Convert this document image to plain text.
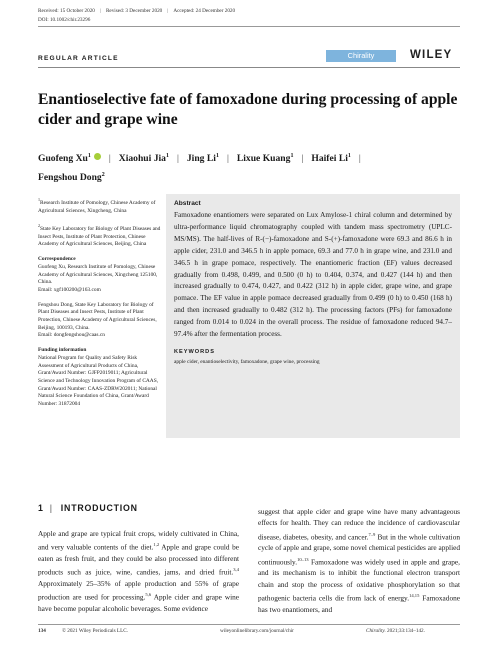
Received: 15 October 2020 | Revised: 3 December 2020 | Accepted: 24 December 2020
DOI: 10.1002/chir.23296
REGULAR ARTICLE	Chirality	WILEY
Enantioselective fate of famoxadone during processing of apple cider and grape wine
Guofeng Xu$^1$ | Xiaohui Jia$^1$ | Jing Li$^1$ | Lixue Kuang$^1$ | Haifei Li$^1$ |
Fengshou Dong$^2$
$^1$Research Institute of Pomology, Chinese Academy of Agricultural Sciences, Xingcheng, China
$^2$State Key Laboratory for Biology of Plant Diseases and Insect Pests, Institute of Plant Protection, Chinese Academy of Agricultural Sciences, Beijing, China
Correspondence
Guofeng Xu, Research Institute of Pomology, Chinese Academy of Agricultural Sciences, Xingcheng 125100, China.
Email: xgf100200@163.com
Fengshou Dong, State Key Laboratory for Biology of Plant Diseases and Insect Pests, Institute of Plant Protection, Chinese Academy of Agricultural Sciences, Beijing, 100193, China.
Email: dongfengshou@caas.cn
Funding information
National Program for Quality and Safety Risk Assessment of Agricultural Products of China, Grant/Award Number: GJFP2019011; Agricultural Science and Technology Innovation Program of CAAS, Grant/Award Number: CAAS-ZDRW202011; National Natural Science Foundation of China, Grant/Award Number: 31872004
Abstract
Famoxadone enantiomers were separated on Lux Amylose-1 chiral column and determined by ultra-performance liquid chromatography coupled with tandem mass spectrometry (UPLC-MS/MS). The half-lives of R-(−)-famoxadone and S-(+)-famoxadone were 69.3 and 86.6 h in apple cider, 231.0 and 346.5 h in apple pomace, 69.3 and 77.0 h in grape wine, and 231.0 and 346.5 h in grape pomace, respectively. The enantiomeric fraction (EF) values decreased gradually from 0.498, 0.499, and 0.500 (0 h) to 0.404, 0.374, and 0.427 (144 h) and then increased gradually to 0.474, 0.427, and 0.422 (312 h) in apple cider, grape wine, and grape pomace. The EF value in apple pomace decreased gradually from 0.499 (0 h) to 0.450 (168 h) and then increased gradually to 0.482 (312 h). The processing factors (PFs) for famoxadone ranged from 0.014 to 0.024 in the overall process. The residue of famoxadone reduced 94.7–97.4% after the fermentation process.
KEYWORDS
apple cider, enantioselectivity, famoxadone, grape wine, processing
1 | INTRODUCTION
Apple and grape are typical fruit crops, widely cultivated in China, and very valuable contents of the diet.$^{1,2}$ Apple and grape could be eaten as fresh fruit, and they could be also processed into different products such as juice, wine, candies, jams, and dried fruit.$^{3,4}$ Approximately 25–35% of apple production and 55% of grape production are used for processing.$^{5,6}$ Apple cider and grape wine have become popular alcoholic beverages. Some evidence
suggest that apple cider and grape wine have many advantageous effects for health. They can reduce the incidence of cardiovascular disease, diabetes, obesity, and cancer.$^{7-9}$ But in the whole cultivation cycle of apple and grape, some novel chemical pesticides are applied continuously.$^{10-13}$ Famoxadone was widely used in apple and grape, and its mechanism is to inhibit the functional electron transport chain and stop the process of oxidative phosphorylation so that pathogenic bacteria cells die from lack of energy.$^{14,15}$ Famoxadone has two enantiomers, and
134	© 2021 Wiley Periodicals LLC.	wileyonlinelibrary.com/journal/chir	Chirality. 2021;33:134–142.
